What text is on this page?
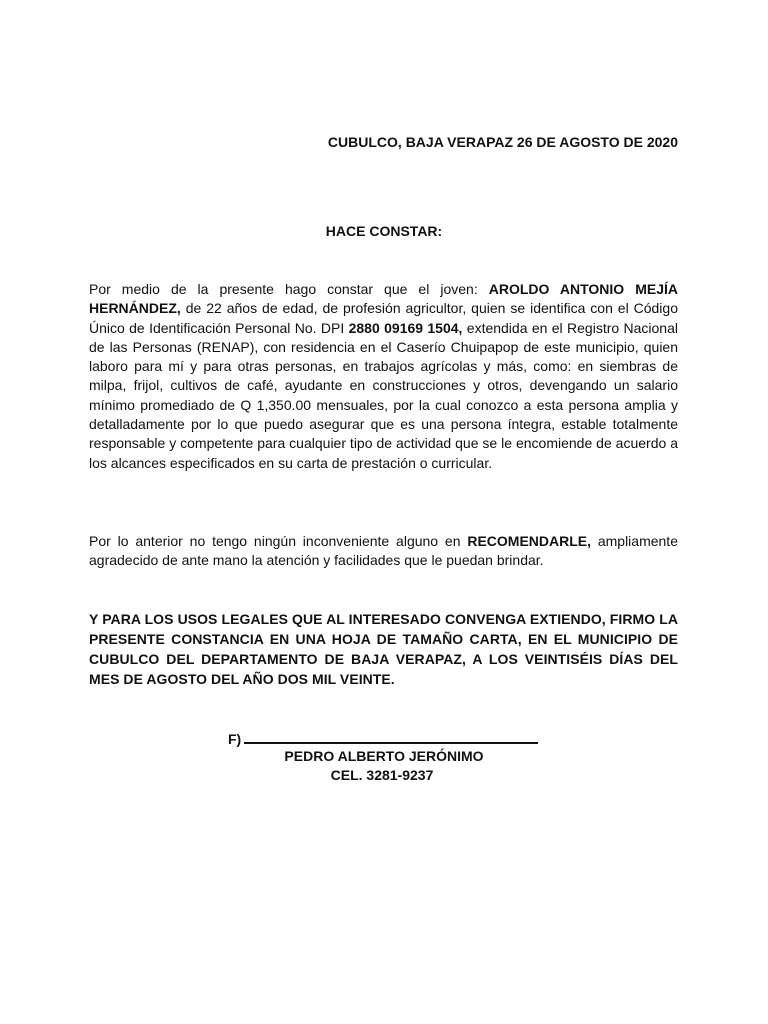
CUBULCO, BAJA VERAPAZ 26 DE AGOSTO DE 2020
HACE CONSTAR:
Por medio de la presente hago constar que el joven: AROLDO ANTONIO MEJÍA HERNÁNDEZ, de 22 años de edad, de profesión agricultor, quien se identifica con el Código Único de Identificación Personal No. DPI 2880 09169 1504, extendida en el Registro Nacional de las Personas (RENAP), con residencia en el Caserío Chuipapop de este municipio, quien laboro para mí y para otras personas, en trabajos agrícolas y más, como: en siembras de milpa, frijol, cultivos de café, ayudante en construcciones y otros, devengando un salario mínimo promediado de Q 1,350.00 mensuales, por la cual conozco a esta persona amplia y detalladamente por lo que puedo asegurar que es una persona íntegra, estable totalmente responsable y competente para cualquier tipo de actividad que se le encomiende de acuerdo a los alcances especificados en su carta de prestación o curricular.
Por lo anterior no tengo ningún inconveniente alguno en RECOMENDARLE, ampliamente agradecido de ante mano la atención y facilidades que le puedan brindar.
Y PARA LOS USOS LEGALES QUE AL INTERESADO CONVENGA EXTIENDO, FIRMO LA PRESENTE CONSTANCIA EN UNA HOJA DE TAMAÑO CARTA, EN EL MUNICIPIO DE CUBULCO DEL DEPARTAMENTO DE BAJA VERAPAZ, A LOS VEINTISÉIS DÍAS DEL MES DE AGOSTO DEL AÑO DOS MIL VEINTE.
F)
PEDRO ALBERTO JERÓNIMO
CEL. 3281-9237
